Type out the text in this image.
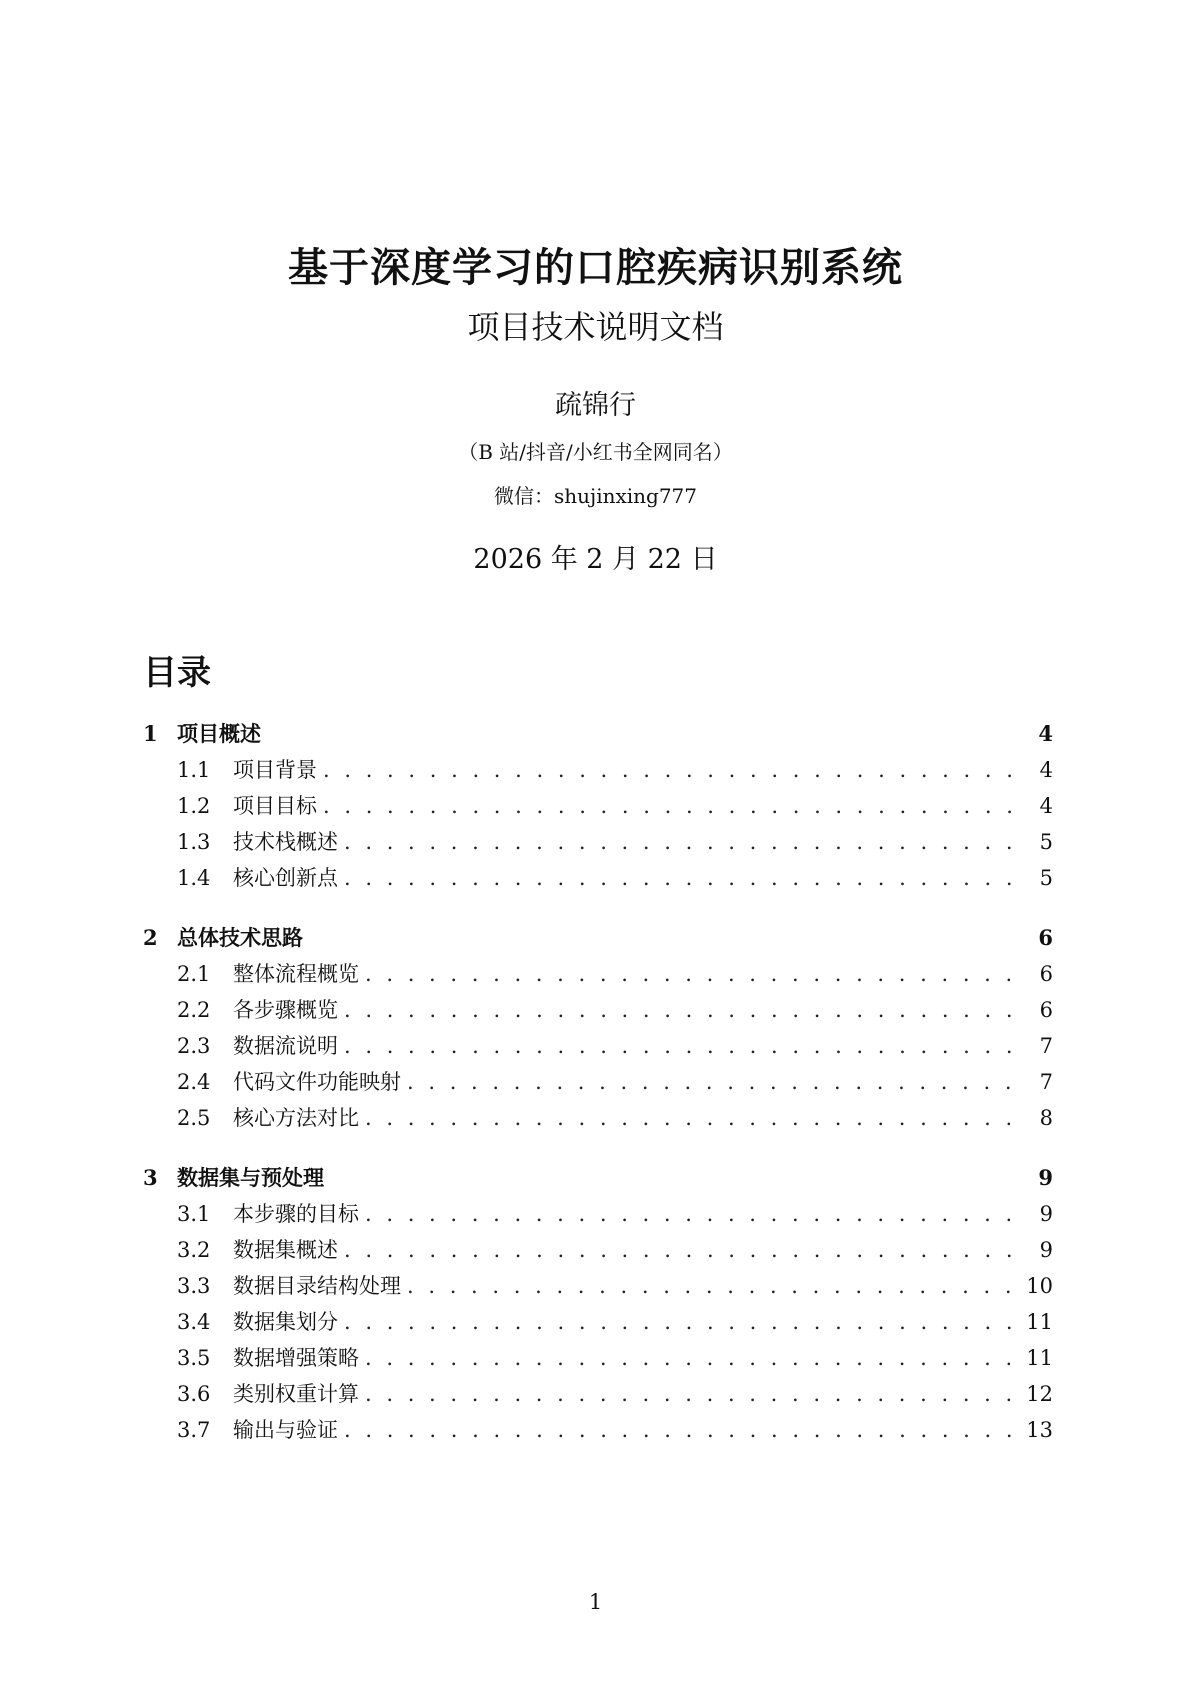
基于深度学习的口腔疾病识别系统
项目技术说明文档
疏锦行
（B 站/抖音/小红书全网同名）
微信：shujinxing777
2026 年 2 月 22 日
目录
1 项目概述	4
1.1	项目背景 . . .	4
1.2	项目目标 . . .	4
1.3	技术栈概述 . . .	5
1.4	核心创新点 . . .	5
2 总体技术思路	6
2.1	整体流程概览 . . .	6
2.2	各步骤概览 . . .	6
2.3	数据流说明 . . .	7
2.4	代码文件功能映射 . . .	7
2.5	核心方法对比 . . .	8
3 数据集与预处理	9
3.1	本步骤的目标 . . .	9
3.2	数据集概述 . . .	9
3.3	数据目录结构处理 . . .	10
3.4	数据集划分 . . .	11
3.5	数据增强策略 . . .	11
3.6	类别权重计算 . . .	12
3.7	输出与验证 . . .	13
1
